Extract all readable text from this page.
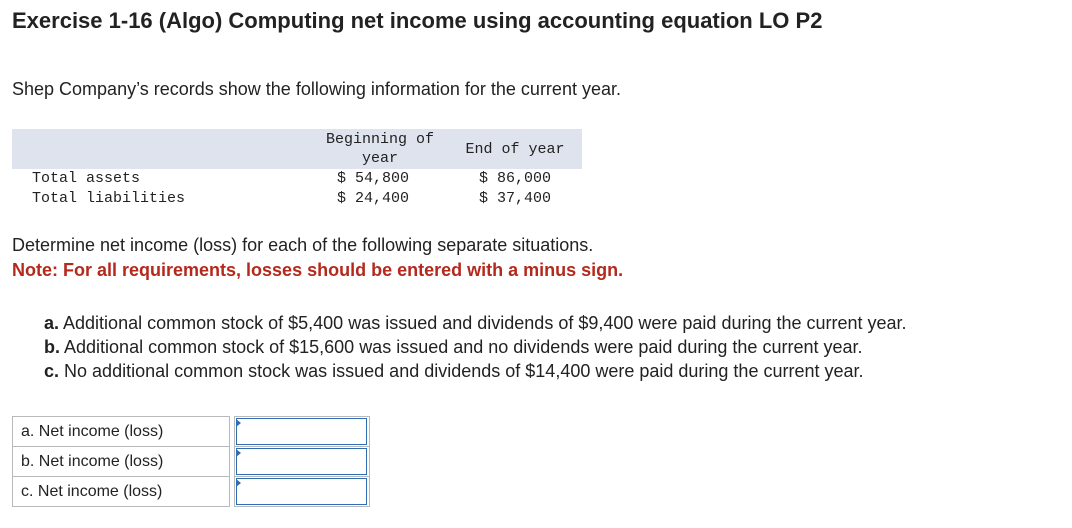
Exercise 1-16 (Algo) Computing net income using accounting equation LO P2
Shep Company’s records show the following information for the current year.
	Beginning of year	End of year
Total assets	$ 54,800	$ 86,000
Total liabilities	$ 24,400	$ 37,400
Determine net income (loss) for each of the following separate situations.
Note: For all requirements, losses should be entered with a minus sign.
a. Additional common stock of $5,400 was issued and dividends of $9,400 were paid during the current year.
b. Additional common stock of $15,600 was issued and no dividends were paid during the current year.
c. No additional common stock was issued and dividends of $14,400 were paid during the current year.
a. Net income (loss)		

b. Net income (loss)		

c. Net income (loss)		
